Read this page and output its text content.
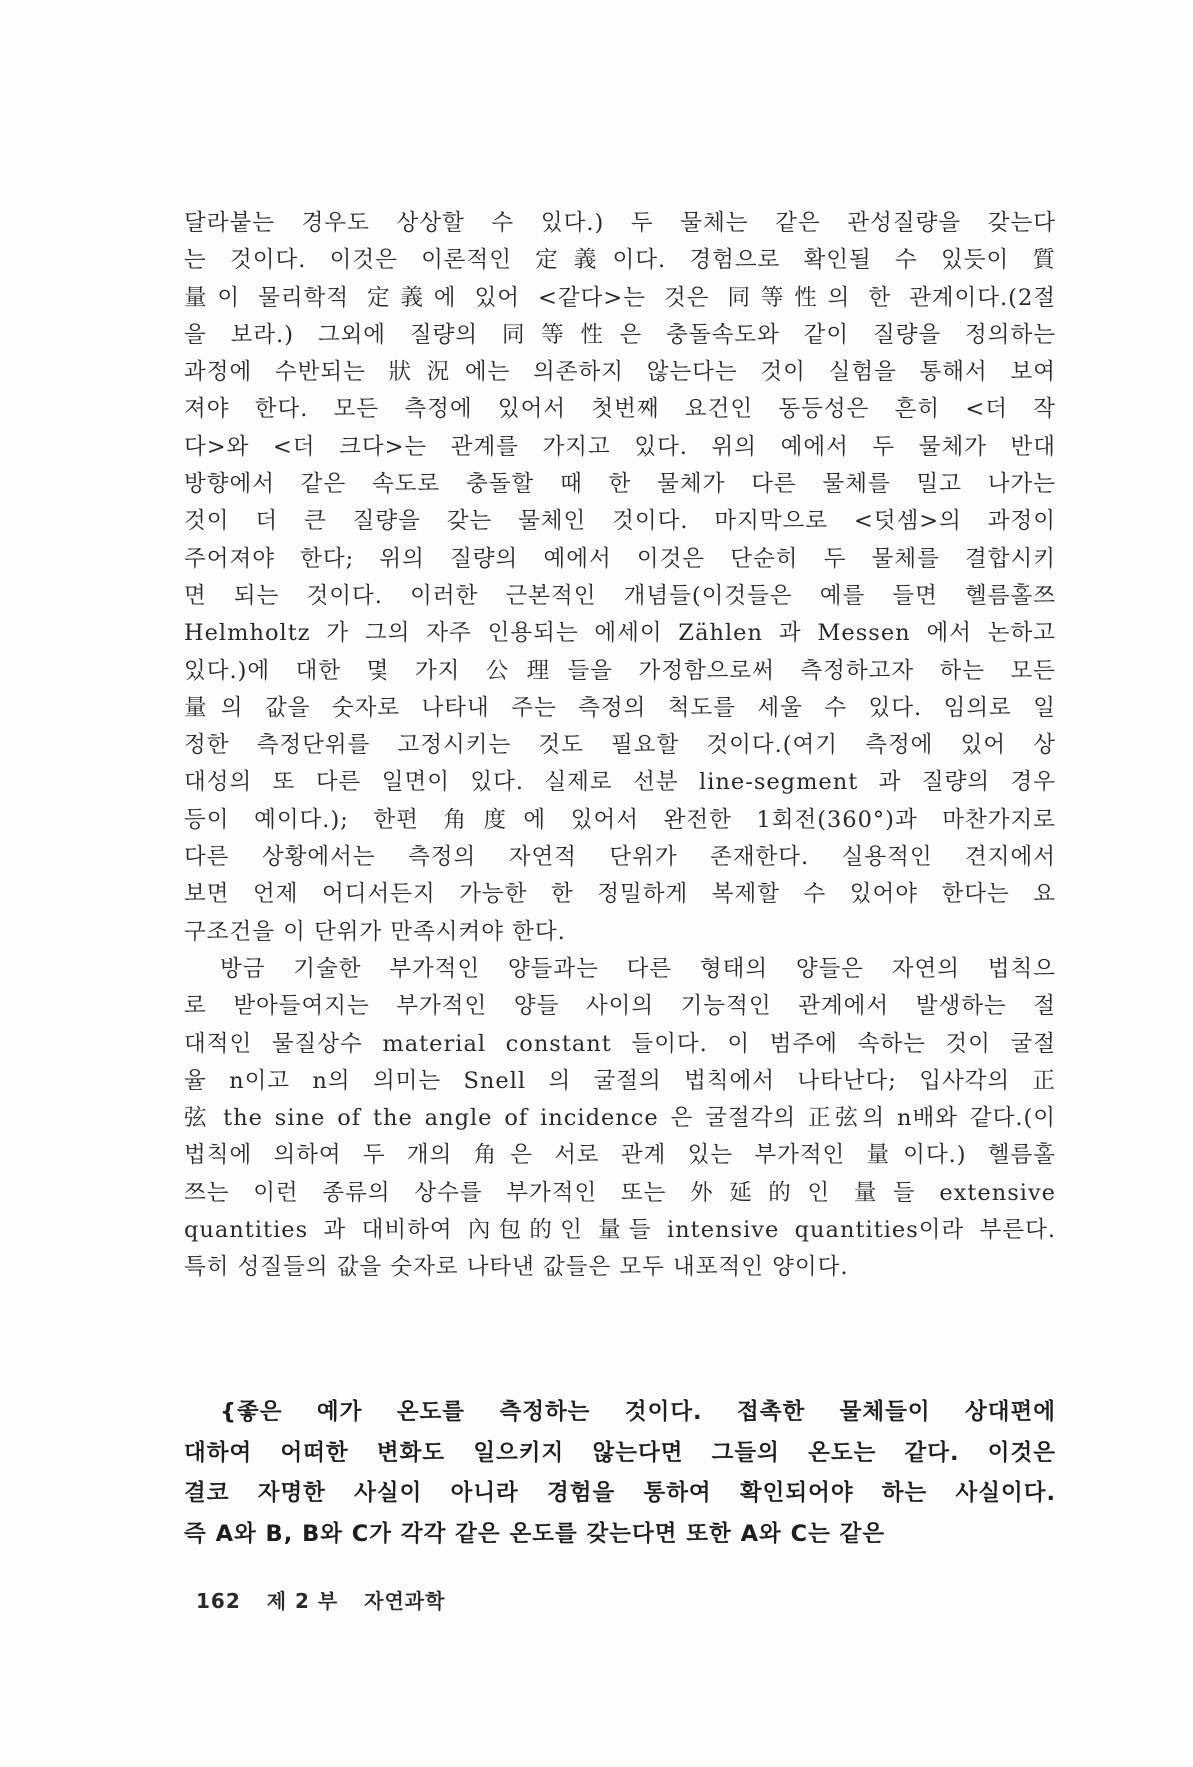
달라붙는 경우도 상상할 수 있다.) 두 물체는 같은 관성질량을 갖는다
는 것이다. 이것은 이론적인 定義이다. 경험으로 확인될 수 있듯이 質
量이 물리학적 定義에 있어 <같다>는 것은 同等性의 한 관계이다.(2절
을 보라.) 그외에 질량의 同等性은 충돌속도와 같이 질량을 정의하는
과정에 수반되는 狀況에는 의존하지 않는다는 것이 실험을 통해서 보여
져야 한다. 모든 측정에 있어서 첫번째 요건인 동등성은 흔히 <더 작
다>와 <더 크다>는 관계를 가지고 있다. 위의 예에서 두 물체가 반대
방향에서 같은 속도로 충돌할 때 한 물체가 다른 물체를 밀고 나가는
것이 더 큰 질량을 갖는 물체인 것이다. 마지막으로 <덧셈>의 과정이
주어져야 한다; 위의 질량의 예에서 이것은 단순히 두 물체를 결합시키
면 되는 것이다. 이러한 근본적인 개념들(이것들은 예를 들면 헬름홀쯔
Helmholtz 가 그의 자주 인용되는 에세이 Zählen 과 Messen 에서 논하고
있다.)에 대한 몇 가지 公理들을 가정함으로써 측정하고자 하는 모든
量의 값을 숫자로 나타내 주는 측정의 척도를 세울 수 있다. 임의로 일
정한 측정단위를 고정시키는 것도 필요할 것이다.(여기 측정에 있어 상
대성의 또 다른 일면이 있다. 실제로 선분 line-segment 과 질량의 경우
등이 예이다.); 한편 角度에 있어서 완전한 1회전(360°)과 마찬가지로
다른 상황에서는 측정의 자연적 단위가 존재한다. 실용적인 견지에서
보면 언제 어디서든지 가능한 한 정밀하게 복제할 수 있어야 한다는 요
구조건을 이 단위가 만족시켜야 한다.
방금 기술한 부가적인 양들과는 다른 형태의 양들은 자연의 법칙으
로 받아들여지는 부가적인 양들 사이의 기능적인 관계에서 발생하는 절
대적인 물질상수 material constant 들이다. 이 범주에 속하는 것이 굴절
율 n이고 n의 의미는 Snell 의 굴절의 법칙에서 나타난다; 입사각의 正
弦 the sine of the angle of incidence 은 굴절각의 正弦의 n배와 같다.(이
법칙에 의하여 두 개의 角은 서로 관계 있는 부가적인 量이다.) 헬름홀
쯔는 이런 종류의 상수를 부가적인 또는 外延的인 量들 extensive
quantities 과 대비하여 內包的인 量들 intensive quantities이라 부른다.
특히 성질들의 값을 숫자로 나타낸 값들은 모두 내포적인 양이다.
{좋은 예가 온도를 측정하는 것이다. 접촉한 물체들이 상대편에
대하여 어떠한 변화도 일으키지 않는다면 그들의 온도는 같다. 이것은
결코 자명한 사실이 아니라 경험을 통하여 확인되어야 하는 사실이다.
즉 A와 B, B와 C가 각각 같은 온도를 갖는다면 또한 A와 C는 같은
162 제 2 부 자연과학
